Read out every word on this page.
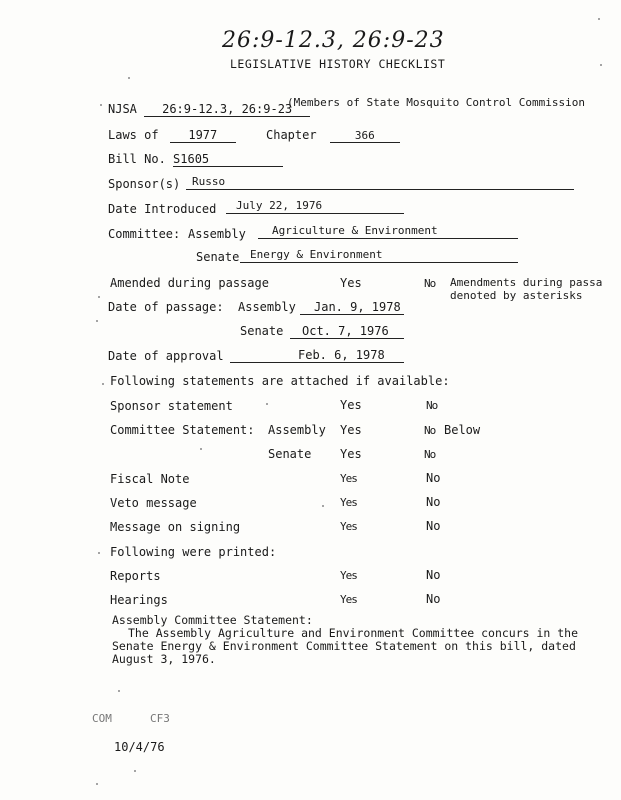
26:9-12.3, 26:9-23
LEGISLATIVE HISTORY CHECKLIST
NJSA 26:9-12.3, 26:9-23
(Members of State Mosquito Control Commission
Laws of 1977	Chapter	366
Bill No. S1605
Sponsor(s) Russo
Date Introduced July 22, 1976
Committee: Assembly Agriculture & Environment
Senate Energy & Environment
Amended during passage	Yes	No Amendments during passa
denoted by asterisks
Date of passage: Assembly Jan. 9, 1978
Senate Oct. 7, 1976
Date of approval	Feb. 6, 1978
Following statements are attached if available:
Sponsor statement	Yes	No
Committee Statement: Assembly Yes	No Below
Senate Yes	No
Fiscal Note	Yes	No
Veto message	Yes	No
Message on signing	Yes	No
Following were printed:
Reports	Yes	No
Hearings	Yes	No
Assembly Committee Statement:
The Assembly Agriculture and Environment Committee concurs in the
Senate Energy & Environment Committee Statement on this bill, dated
August 3, 1976.
COM	CF3
10/4/76
